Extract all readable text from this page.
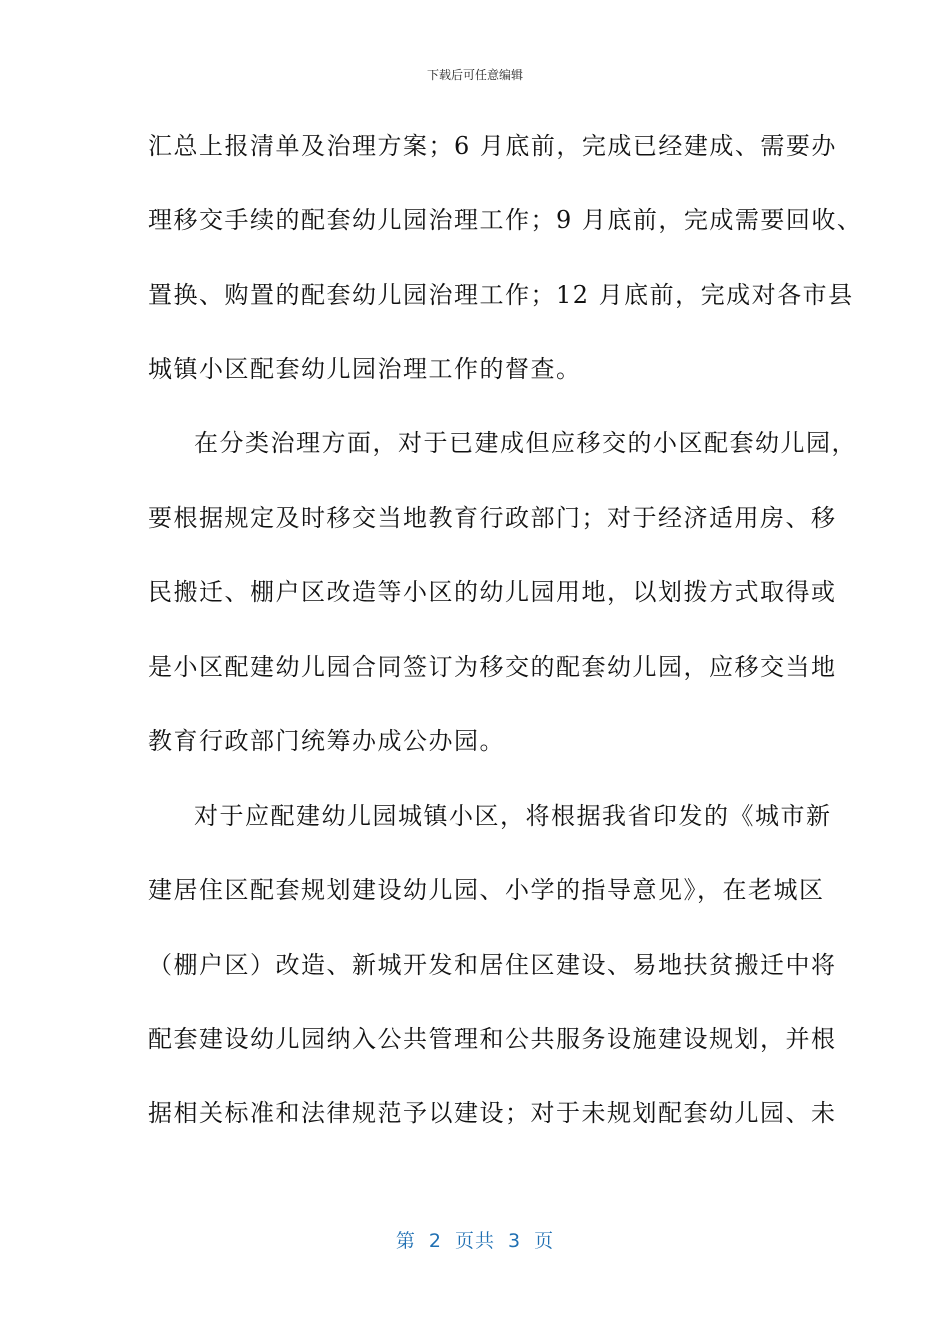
下载后可任意编辑
汇总上报清单及治理方案；6 月底前，完成已经建成、需要办
理移交手续的配套幼儿园治理工作；9 月底前，完成需要回收、
置换、购置的配套幼儿园治理工作；12 月底前，完成对各市县
城镇小区配套幼儿园治理工作的督查。
在分类治理方面，对于已建成但应移交的小区配套幼儿园，
要根据规定及时移交当地教育行政部门；对于经济适用房、移
民搬迁、棚户区改造等小区的幼儿园用地，以划拨方式取得或
是小区配建幼儿园合同签订为移交的配套幼儿园，应移交当地
教育行政部门统筹办成公办园。
对于应配建幼儿园城镇小区，将根据我省印发的《城市新
建居住区配套规划建设幼儿园、小学的指导意见》，在老城区
（棚户区）改造、新城开发和居住区建设、易地扶贫搬迁中将
配套建设幼儿园纳入公共管理和公共服务设施建设规划，并根
据相关标准和法律规范予以建设；对于未规划配套幼儿园、未
第 2 页共 3 页
